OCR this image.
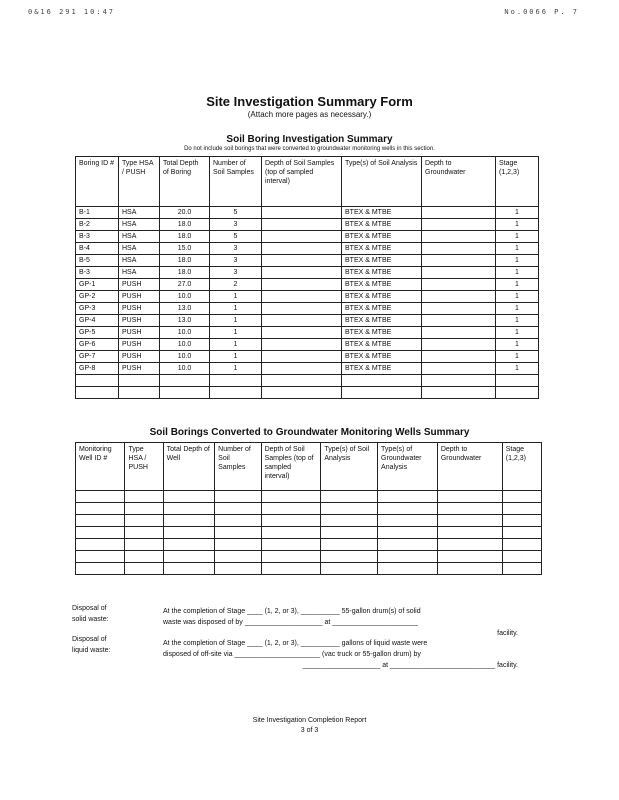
0&16 291 10:47	No.0066 P. 7
Site Investigation Summary Form
(Attach more pages as necessary.)
Soil Boring Investigation Summary
Do not include soil borings that were converted to groundwater monitoring wells in this section.
Boring ID #	Type HSA / PUSH	Total Depth of Boring	Number of Soil Samples	Depth of Soil Samples (top of sampled interval)	Type(s) of Soil Analysis	Depth to Groundwater	Stage (1,2,3)
B-1	HSA	20.0	5		BTEX & MTBE		1
B-2	HSA	18.0	3		BTEX & MTBE		1
B-3	HSA	18.0	5		BTEX & MTBE		1
B-4	HSA	15.0	3		BTEX & MTBE		1
B-5	HSA	18.0	3		BTEX & MTBE		1
B-3	HSA	18.0	3		BTEX & MTBE		1
GP-1	PUSH	27.0	2		BTEX & MTBE		1
GP-2	PUSH	10.0	1		BTEX & MTBE		1
GP-3	PUSH	13.0	1		BTEX & MTBE		1
GP-4	PUSH	13.0	1		BTEX & MTBE		1
GP-5	PUSH	10.0	1		BTEX & MTBE		1
GP-6	PUSH	10.0	1		BTEX & MTBE		1
GP-7	PUSH	10.0	1		BTEX & MTBE		1
GP-8	PUSH	10.0	1		BTEX & MTBE		1

Soil Borings Converted to Groundwater Monitoring Wells Summary
Monitoring Well ID #	Type HSA / PUSH	Total Depth of Well	Number of Soil Samples	Depth of Soil Samples (top of sampled interval)	Type(s) of Soil Analysis	Type(s) of Groundwater Analysis	Depth to Groundwater	Stage (1,2,3)

Disposal of
solid waste:
At the completion of Stage ____ (1, 2, or 3), __________ 55-gallon drum(s) of solid
waste was disposed of by ____________________ at ______________________
facility.
Disposal of
liquid waste:
At the completion of Stage ____ (1, 2, or 3), __________ gallons of liquid waste were
disposed of off-site via ______________________ (vac truck or 55-gallon drum) by
____________________ at ___________________________ facility.
Site Investigation Completion Report
3 of 3
